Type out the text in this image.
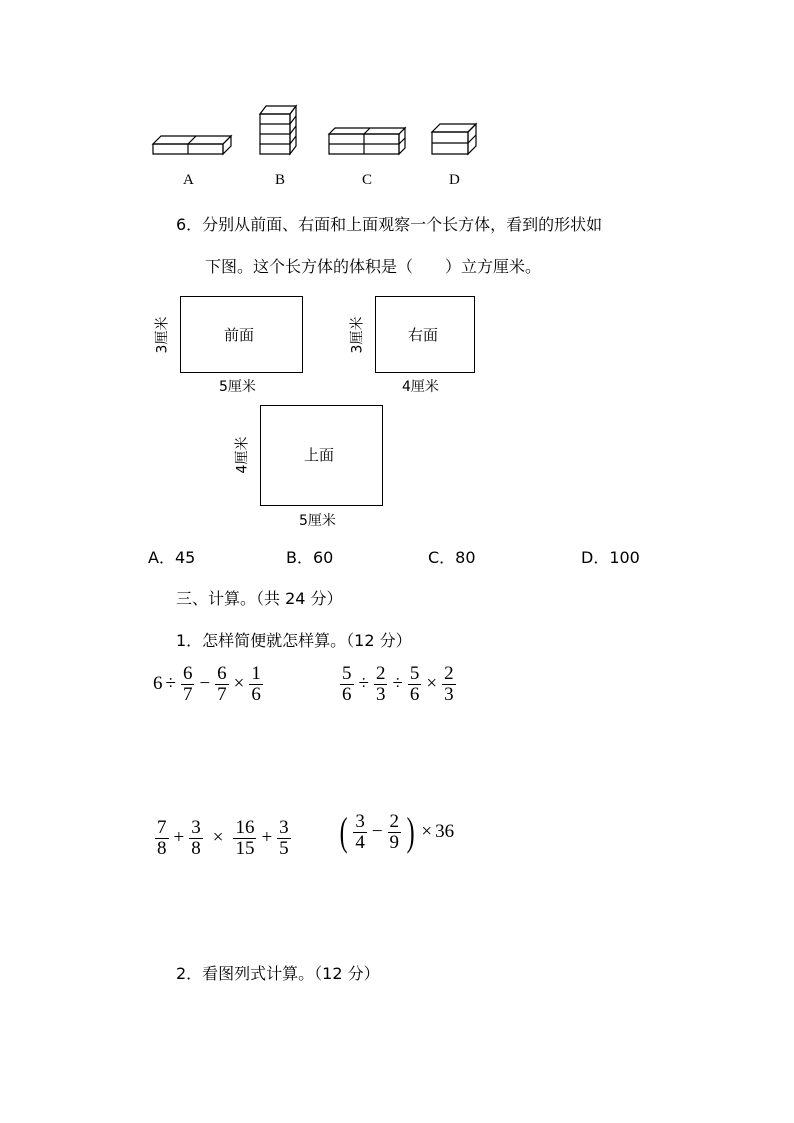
A	B	C	D
6．分别从前面、右面和上面观察一个长方体，看到的形状如
下图。这个长方体的体积是（　　）立方厘米。
前面
5厘米
3厘米	右面
4厘米
3厘米
上面
5厘米
4厘米
A．45	B．60	C．80	D．100
三、计算。（共 24 分）
1．怎样简便就怎样算。（12 分）
$6 \div \frac{6}{7} - \frac{6}{7} \times \frac{1}{6}$	$\frac{5}{6} \div \frac{2}{3} \div \frac{5}{6} \times \frac{2}{3}$
$\frac{7}{8} + \frac{3}{8} \times \frac{16}{15} + \frac{3}{5}$ ( $\frac{3}{4} - \frac{2}{9}$ ) × 36
2．看图列式计算。（12 分）
